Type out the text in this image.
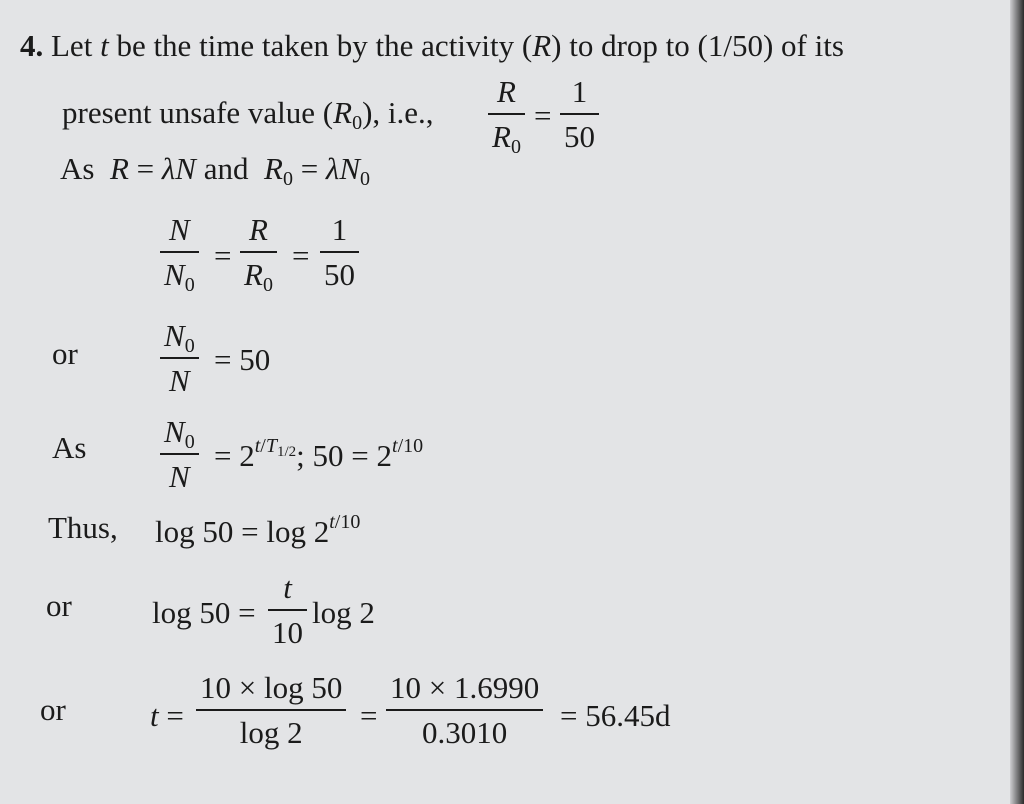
4. Let t be the time taken by the activity (R) to drop to (1/50) of its
present unsafe value $(R_0)$, i.e., $\frac{R}{R_0} = \frac{1}{50}$
As  R = λN and  $R_0 = \lambda N_0$
$\frac{N}{N_0} = \frac{R}{R_0} = \frac{1}{50}$
or	$\frac{N_0}{N} = 50$
As $\frac{N_0}{N} = 2^{t/T_{1/2}}$; $50 = 2^{t/10}$
Thus, $\log 50 = \log 2^{t/10}$
or	$\log 50 = \frac{t}{10}$ log 2
or	$t = \frac{10 \times \log 50}{\log 2} = \frac{10 \times 1.6990}{0.3010} = 56.45d$
